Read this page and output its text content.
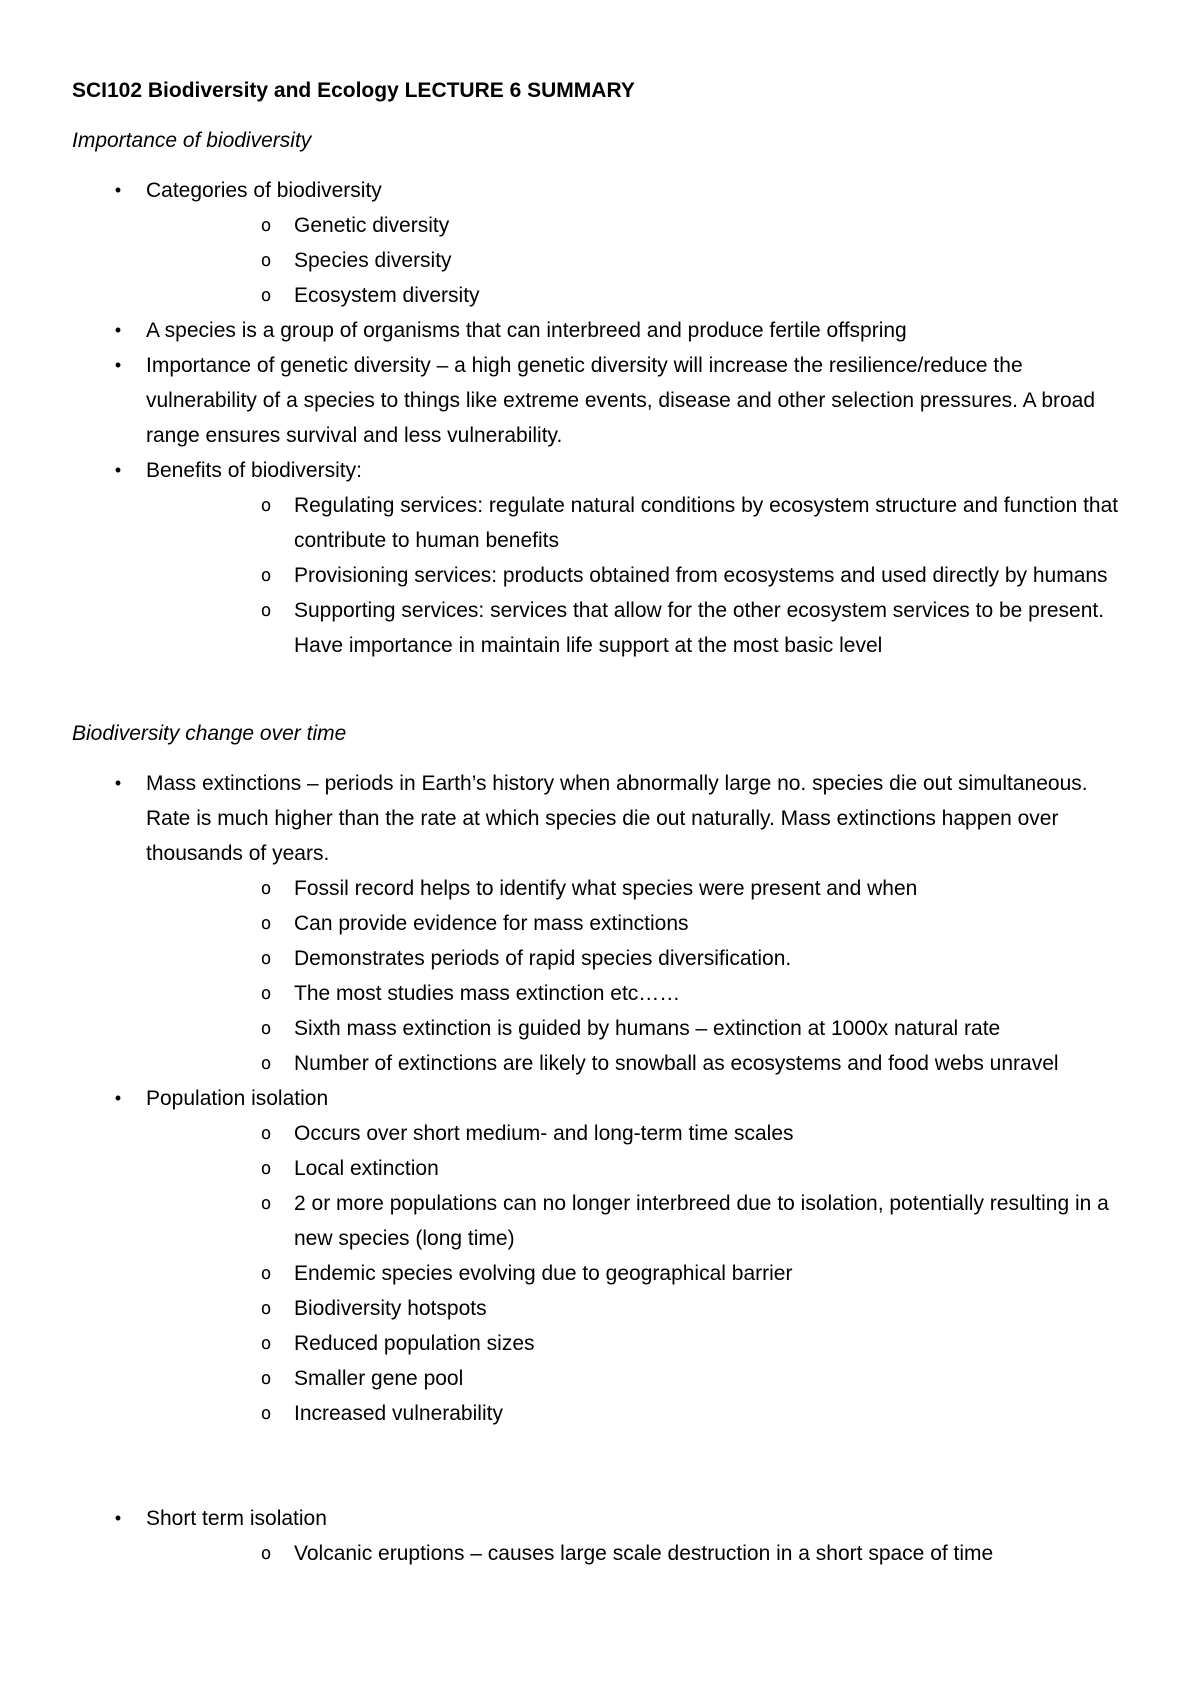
SCI102 Biodiversity and Ecology LECTURE 6 SUMMARY

Importance of biodiversity

•	Categories of biodiversity
o Genetic diversity
o Species diversity
o Ecosystem diversity
•	A species is a group of organisms that can interbreed and produce fertile offspring
•	Importance of genetic diversity – a high genetic diversity will increase the resilience/reduce the vulnerability of a species to things like extreme events, disease and other selection pressures. A broad range ensures survival and less vulnerability.
•	Benefits of biodiversity:
o Regulating services: regulate natural conditions by ecosystem structure and function that contribute to human benefits
o Provisioning services: products obtained from ecosystems and used directly by humans
o Supporting services: services that allow for the other ecosystem services to be present. Have importance in maintain life support at the most basic level

Biodiversity change over time

•	Mass extinctions – periods in Earth’s history when abnormally large no. species die out simultaneous. Rate is much higher than the rate at which species die out naturally. Mass extinctions happen over thousands of years.
o Fossil record helps to identify what species were present and when
o Can provide evidence for mass extinctions
o Demonstrates periods of rapid species diversification.
o The most studies mass extinction etc……
o Sixth mass extinction is guided by humans – extinction at 1000x natural rate
o Number of extinctions are likely to snowball as ecosystems and food webs unravel
•	Population isolation
o Occurs over short medium- and long-term time scales
o Local extinction
o 2 or more populations can no longer interbreed due to isolation, potentially resulting in a new species (long time)
o Endemic species evolving due to geographical barrier
o Biodiversity hotspots
o Reduced population sizes
o Smaller gene pool
o Increased vulnerability
•	Short term isolation
o Volcanic eruptions – causes large scale destruction in a short space of time
